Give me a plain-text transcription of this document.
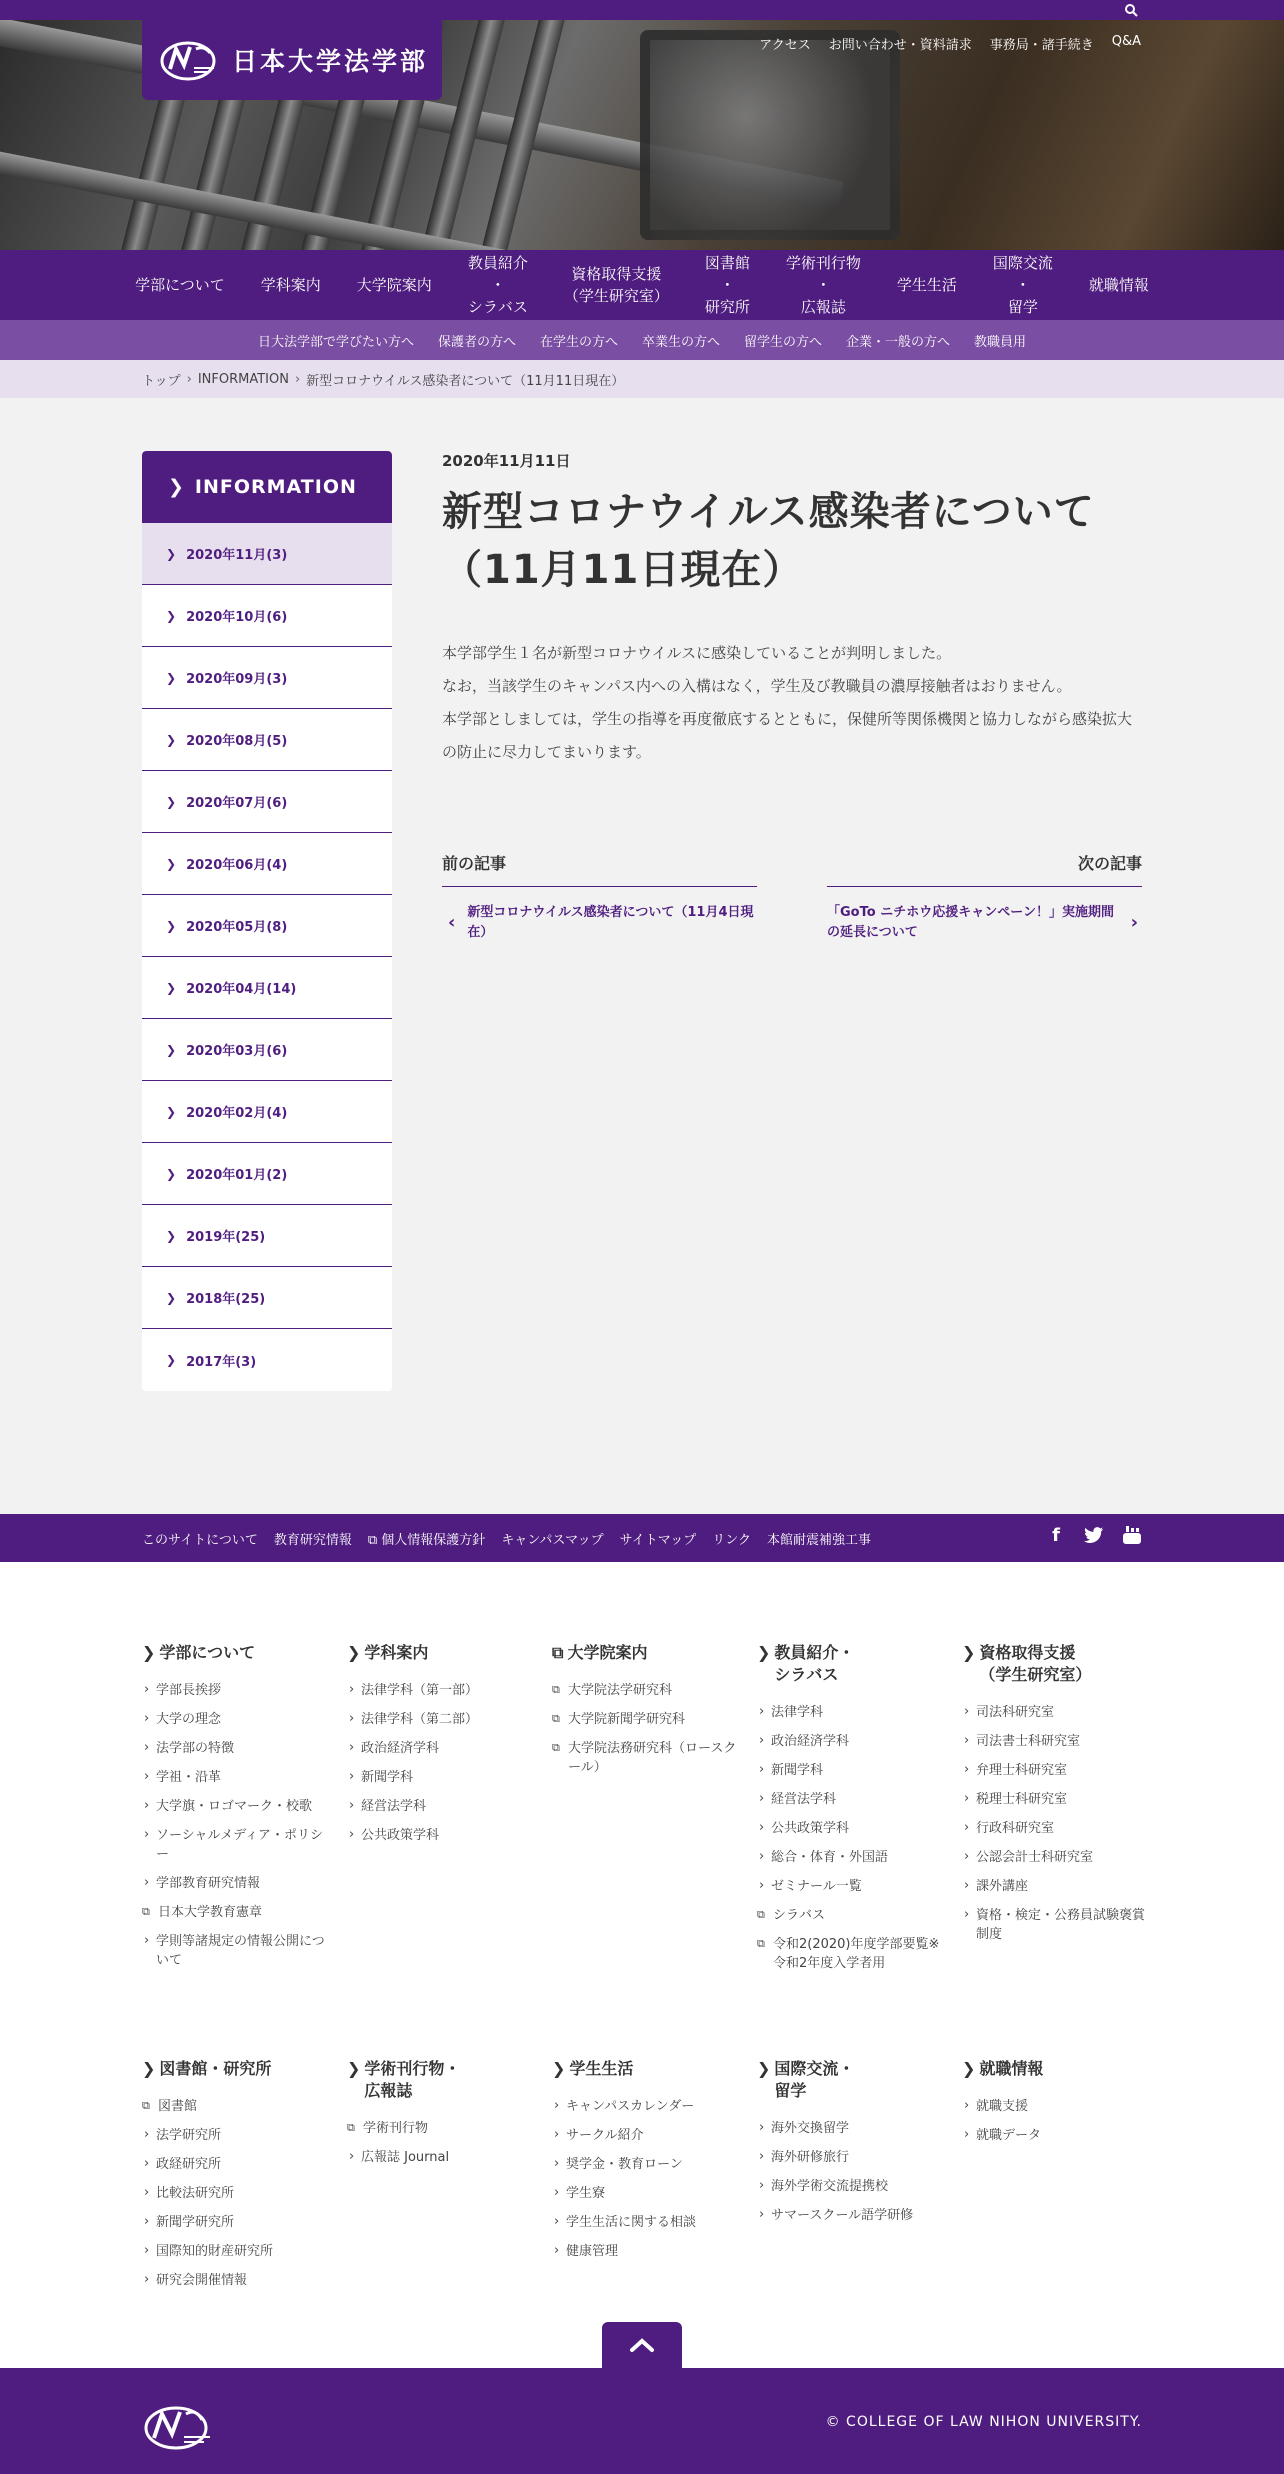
日本大学法学部
アクセス お問い合わせ・資料請求 事務局・諸手続き Q&A
学部について	学科案内	大学院案内
教員紹介
・
シラバス
資格取得支援
（学生研究室）
図書館
・
研究所
学術刊行物
・
広報誌
学生生活
国際交流
・
留学
就職情報
日大法学部で学びたい方へ 保護者の方へ 在学生の方へ 卒業生の方へ 留学生の方へ 企業・一般の方へ 教職員用
トップ › INFORMATION › 新型コロナウイルス感染者について（11月11日現在）
❯ INFORMATION
❯ 2020年11月(3)
❯ 2020年10月(6)
❯ 2020年09月(3)
❯ 2020年08月(5)
❯ 2020年07月(6)
❯ 2020年06月(4)
❯ 2020年05月(8)
❯ 2020年04月(14)
❯ 2020年03月(6)
❯ 2020年02月(4)
❯ 2020年01月(2)
❯ 2019年(25)
❯ 2018年(25)
❯ 2017年(3)
2020年11月11日
新型コロナウイルス感染者について（11月11日現在）

本学部学生１名が新型コロナウイルスに感染していることが判明しました。

なお，当該学生のキャンパス内への入構はなく，学生及び教職員の濃厚接触者はおりません。

本学部としましては，学生の指導を再度徹底するとともに，保健所等関係機関と協力しながら感染拡大の防止に尽力してまいります。

前の記事
‹ 新型コロナウイルス感染者について（11月4日現在）
次の記事
「GoTo ニチホウ応援キャンペーン！」実施期間の延長について	›
このサイトについて 教育研究情報 ⧉ 個人情報保護方針 キャンパスマップ サイトマップ リンク 本館耐震補強工事	f
❯ 学部について
› 学部長挨拶
› 大学の理念
› 法学部の特徴
› 学祖・沿革
› 大学旗・ロゴマーク・校歌
› ソーシャルメディア・ポリシー
› 学部教育研究情報
⧉ 日本大学教育憲章
› 学則等諸規定の情報公開について
❯ 学科案内
› 法律学科（第一部）
› 法律学科（第二部）
› 政治経済学科
› 新聞学科
› 経営法学科
› 公共政策学科
⧉ 大学院案内
⧉ 大学院法学研究科
⧉ 大学院新聞学研究科
⧉ 大学院法務研究科（ロースクール）
❯ 教員紹介・
シラバス
› 法律学科
› 政治経済学科
› 新聞学科
› 経営法学科
› 公共政策学科
› 総合・体育・外国語
› ゼミナール一覧
⧉ シラバス
⧉ 令和2(2020)年度学部要覧※令和2年度入学者用
❯ 資格取得支援
（学生研究室）
› 司法科研究室
› 司法書士科研究室
› 弁理士科研究室
› 税理士科研究室
› 行政科研究室
› 公認会計士科研究室
› 課外講座
› 資格・検定・公務員試験褒賞制度
❯ 図書館・研究所
⧉ 図書館
› 法学研究所
› 政経研究所
› 比較法研究所
› 新聞学研究所
› 国際知的財産研究所
› 研究会開催情報
❯ 学術刊行物・
広報誌
⧉ 学術刊行物
› 広報誌 Journal
❯ 学生生活
› キャンパスカレンダー
› サークル紹介
› 奨学金・教育ローン
› 学生寮
› 学生生活に関する相談
› 健康管理
❯ 国際交流・
留学
› 海外交換留学
› 海外研修旅行
› 海外学術交流提携校
› サマースクール語学研修
❯ 就職情報
› 就職支援
› 就職データ
© COLLEGE OF LAW NIHON UNIVERSITY.
